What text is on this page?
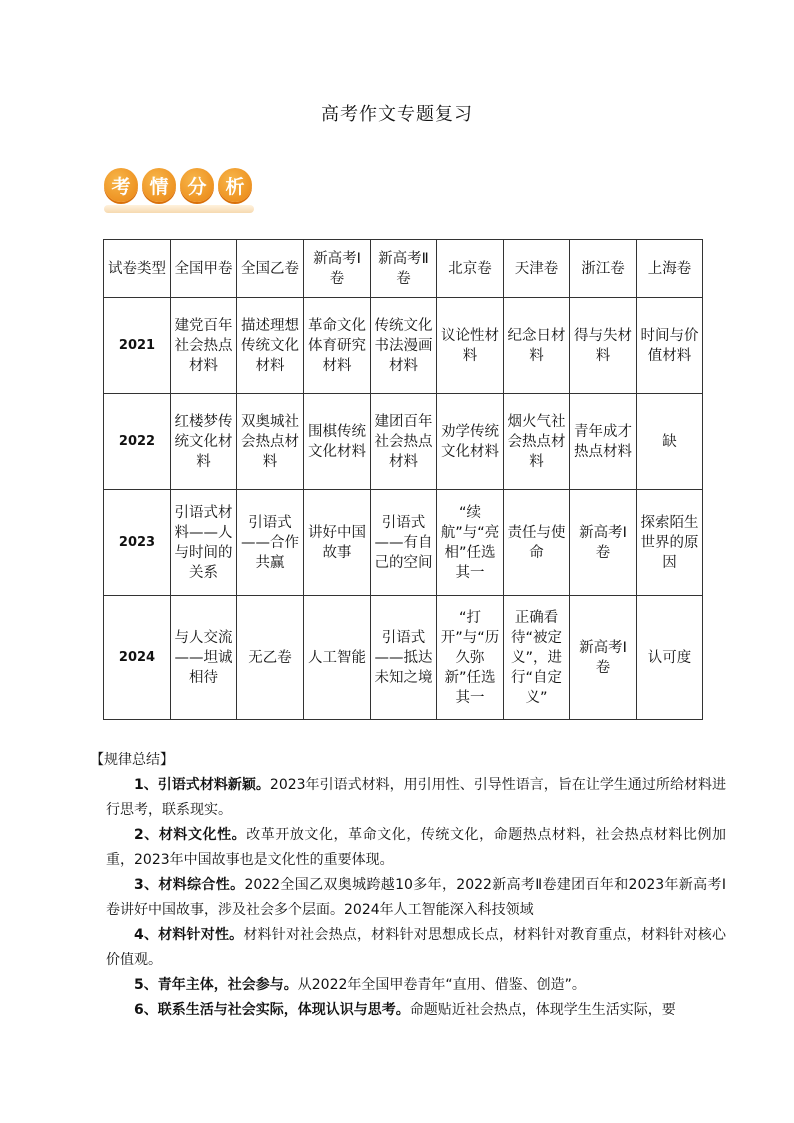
高考作文专题复习
考 情 分 析
试卷类型	全国甲卷	全国乙卷	新高考Ⅰ卷	新高考Ⅱ卷	北京卷	天津卷	浙江卷	上海卷
2021	建党百年社会热点材料	描述理想传统文化材料	革命文化体育研究材料	传统文化书法漫画材料	议论性材料	纪念日材料	得与失材料	时间与价值材料
2022	红楼梦传统文化材料	双奥城社会热点材料	围棋传统文化材料	建团百年社会热点材料	劝学传统文化材料	烟火气社会热点材料	青年成才热点材料	缺
2023	引语式材料——人与时间的关系	引语式——合作共赢	讲好中国故事	引语式——有自己的空间	“续航”与“亮相”任选其一	责任与使命	新高考Ⅰ卷	探索陌生世界的原因
2024	与人交流——坦诚相待	无乙卷	人工智能	引语式——抵达未知之境	“打开”与“历久弥新”任选其一	正确看待“被定义”，进行“自定义”	新高考Ⅰ卷	认可度

【规律总结】

1、引语式材料新颖。2023年引语式材料，用引用性、引导性语言，旨在让学生通过所给材料进行思考，联系现实。

2、材料文化性。改革开放文化，革命文化，传统文化，命题热点材料，社会热点材料比例加重，2023年中国故事也是文化性的重要体现。

3、材料综合性。2022全国乙双奥城跨越10多年，2022新高考Ⅱ卷建团百年和2023年新高考Ⅰ卷讲好中国故事，涉及社会多个层面。2024年人工智能深入科技领域

4、材料针对性。材料针对社会热点，材料针对思想成长点，材料针对教育重点，材料针对核心价值观。

5、青年主体，社会参与。从2022年全国甲卷青年“直用、借鉴、创造”。

6、联系生活与社会实际，体现认识与思考。命题贴近社会热点，体现学生生活实际，要
